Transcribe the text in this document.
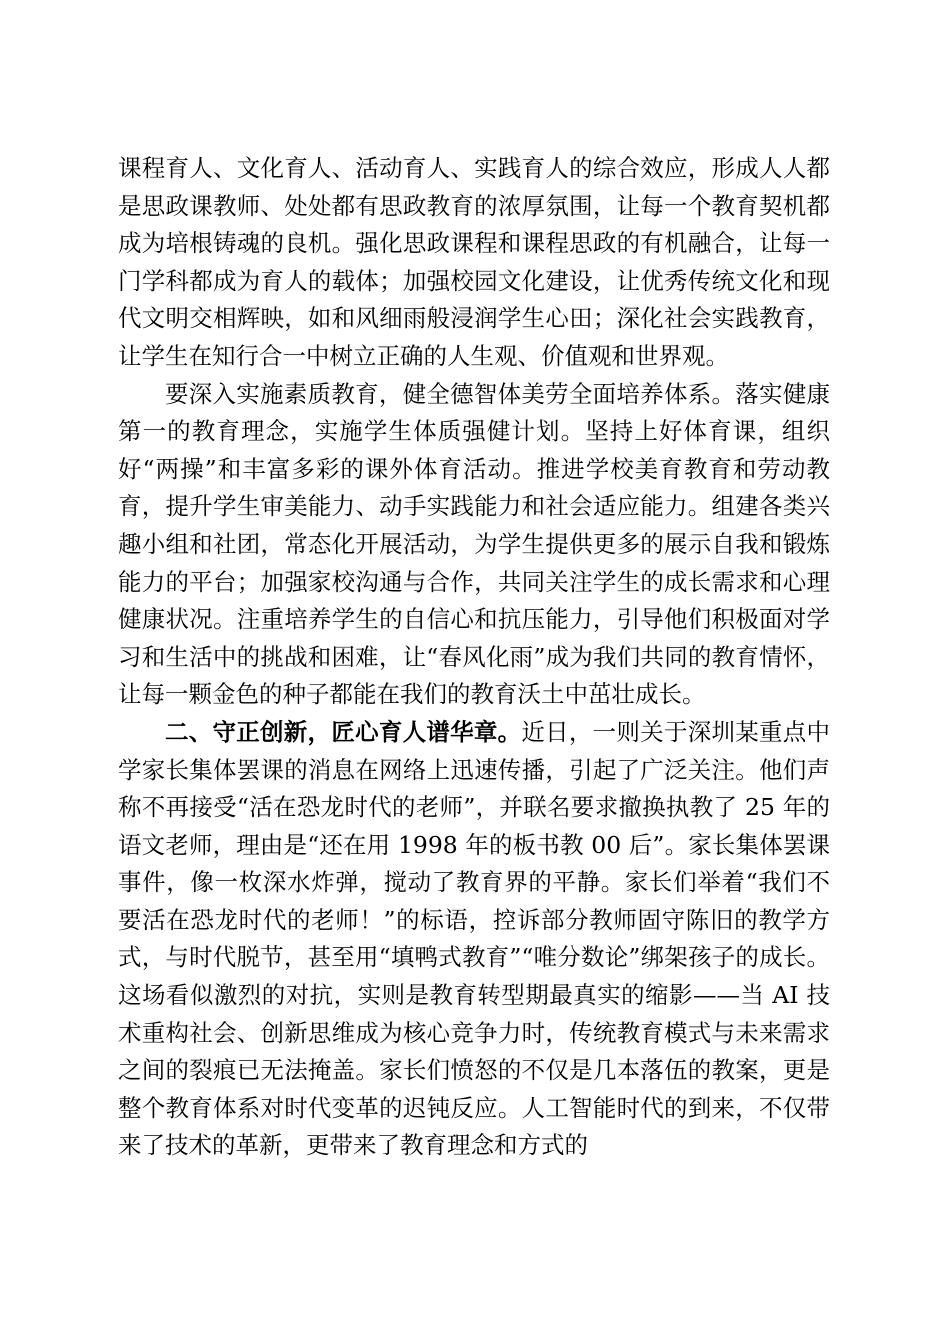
课程育人、文化育人、活动育人、实践育人的综合效应，形成人人都是思政课教师、处处都有思政教育的浓厚氛围，让每一个教育契机都成为培根铸魂的良机。强化思政课程和课程思政的有机融合，让每一门学科都成为育人的载体；加强校园文化建设，让优秀传统文化和现代文明交相辉映，如和风细雨般浸润学生心田；深化社会实践教育，让学生在知行合一中树立正确的人生观、价值观和世界观。

要深入实施素质教育，健全德智体美劳全面培养体系。落实健康第一的教育理念，实施学生体质强健计划。坚持上好体育课，组织好“两操”和丰富多彩的课外体育活动。推进学校美育教育和劳动教育，提升学生审美能力、动手实践能力和社会适应能力。组建各类兴趣小组和社团，常态化开展活动，为学生提供更多的展示自我和锻炼能力的平台；加强家校沟通与合作，共同关注学生的成长需求和心理健康状况。注重培养学生的自信心和抗压能力，引导他们积极面对学习和生活中的挑战和困难，让“春风化雨”成为我们共同的教育情怀，让每一颗金色的种子都能在我们的教育沃土中茁壮成长。

二、守正创新，匠心育人谱华章。近日，一则关于深圳某重点中学家长集体罢课的消息在网络上迅速传播，引起了广泛关注。他们声称不再接受“活在恐龙时代的老师”，并联名要求撤换执教了 25 年的语文老师，理由是“还在用 1998 年的板书教 00 后”。家长集体罢课事件，像一枚深水炸弹，搅动了教育界的平静。家长们举着“我们不要活在恐龙时代的老师！”的标语，控诉部分教师固守陈旧的教学方式，与时代脱节，甚至用“填鸭式教育”“唯分数论”绑架孩子的成长。这场看似激烈的对抗，实则是教育转型期最真实的缩影——当 AI 技术重构社会、创新思维成为核心竞争力时，传统教育模式与未来需求之间的裂痕已无法掩盖。家长们愤怒的不仅是几本落伍的教案，更是整个教育体系对时代变革的迟钝反应。人工智能时代的到来，不仅带来了技术的革新，更带来了教育理念和方式的
